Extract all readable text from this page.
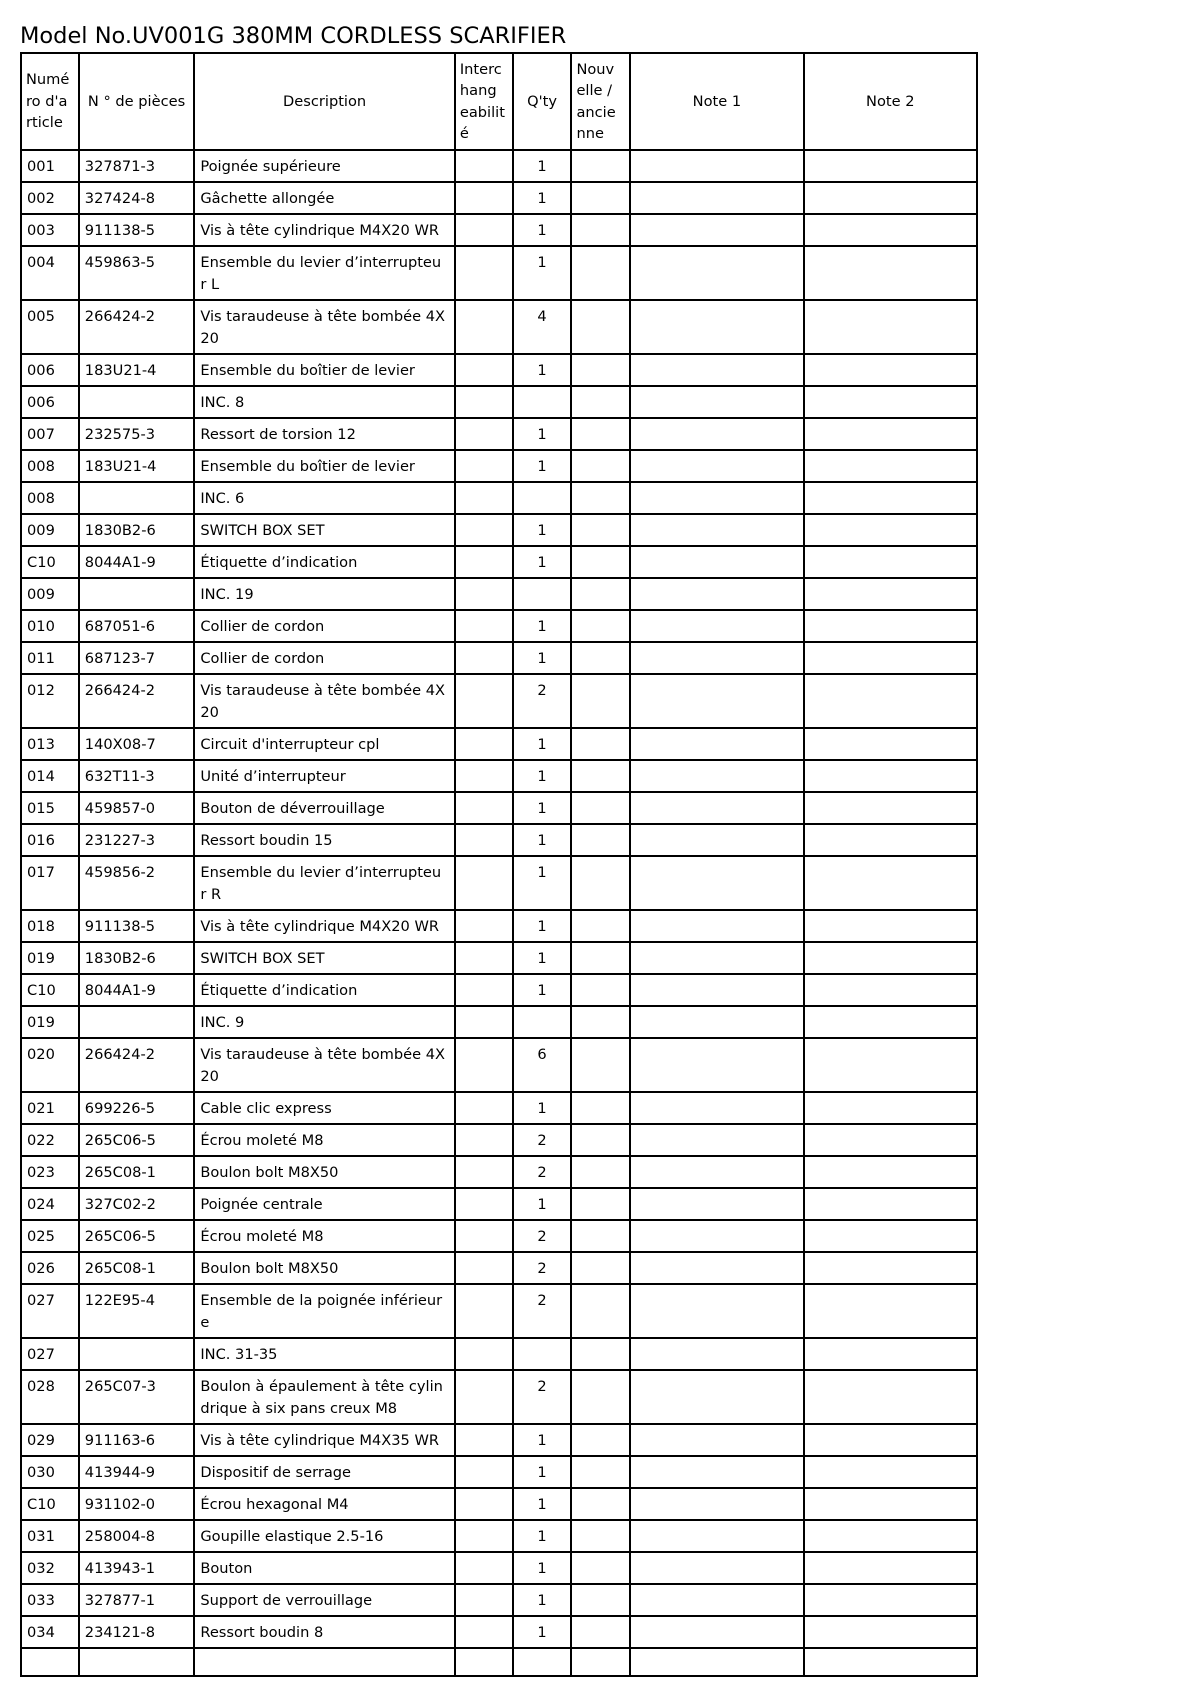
Model No.UV001G 380MM CORDLESS SCARIFIER
Numé
ro d'a
rticle	N ° de pièces	Description	Interc
hang
eabilit
é	Q'ty	Nouv
elle /
ancie
nne	Note 1	Note 2

001	327871-3	Poignée supérieure		1			

002	327424-8	Gâchette allongée		1			

003	911138-5	Vis à tête cylindrique M4X20 WR		1			

004	459863-5	Ensemble du levier d’interrupteu
r L		1			

005	266424-2	Vis taraudeuse à tête bombée 4X
20		4			

006	183U21-4	Ensemble du boîtier de levier		1			

006		INC. 8					

007	232575-3	Ressort de torsion 12		1			

008	183U21-4	Ensemble du boîtier de levier		1			

008		INC. 6					

009	1830B2-6	SWITCH BOX SET		1			

C10	8044A1-9	Étiquette d’indication		1			

009		INC. 19					

010	687051-6	Collier de cordon		1			

011	687123-7	Collier de cordon		1			

012	266424-2	Vis taraudeuse à tête bombée 4X
20		2			

013	140X08-7	Circuit d'interrupteur cpl		1			

014	632T11-3	Unité d’interrupteur		1			

015	459857-0	Bouton de déverrouillage		1			

016	231227-3	Ressort boudin 15		1			

017	459856-2	Ensemble du levier d’interrupteu
r R		1			

018	911138-5	Vis à tête cylindrique M4X20 WR		1			

019	1830B2-6	SWITCH BOX SET		1			

C10	8044A1-9	Étiquette d’indication		1			

019		INC. 9					

020	266424-2	Vis taraudeuse à tête bombée 4X
20		6			

021	699226-5	Cable clic express		1			

022	265C06-5	Écrou moleté M8		2			

023	265C08-1	Boulon bolt M8X50		2			

024	327C02-2	Poignée centrale		1			

025	265C06-5	Écrou moleté M8		2			

026	265C08-1	Boulon bolt M8X50		2			

027	122E95-4	Ensemble de la poignée inférieur
e		2			

027		INC. 31-35					

028	265C07-3	Boulon à épaulement à tête cylin
drique à six pans creux M8		2			

029	911163-6	Vis à tête cylindrique M4X35 WR		1			

030	413944-9	Dispositif de serrage		1			

C10	931102-0	Écrou hexagonal M4		1			

031	258004-8	Goupille elastique 2.5-16		1			

032	413943-1	Bouton		1			

033	327877-1	Support de verrouillage		1			

034	234121-8	Ressort boudin 8		1			
